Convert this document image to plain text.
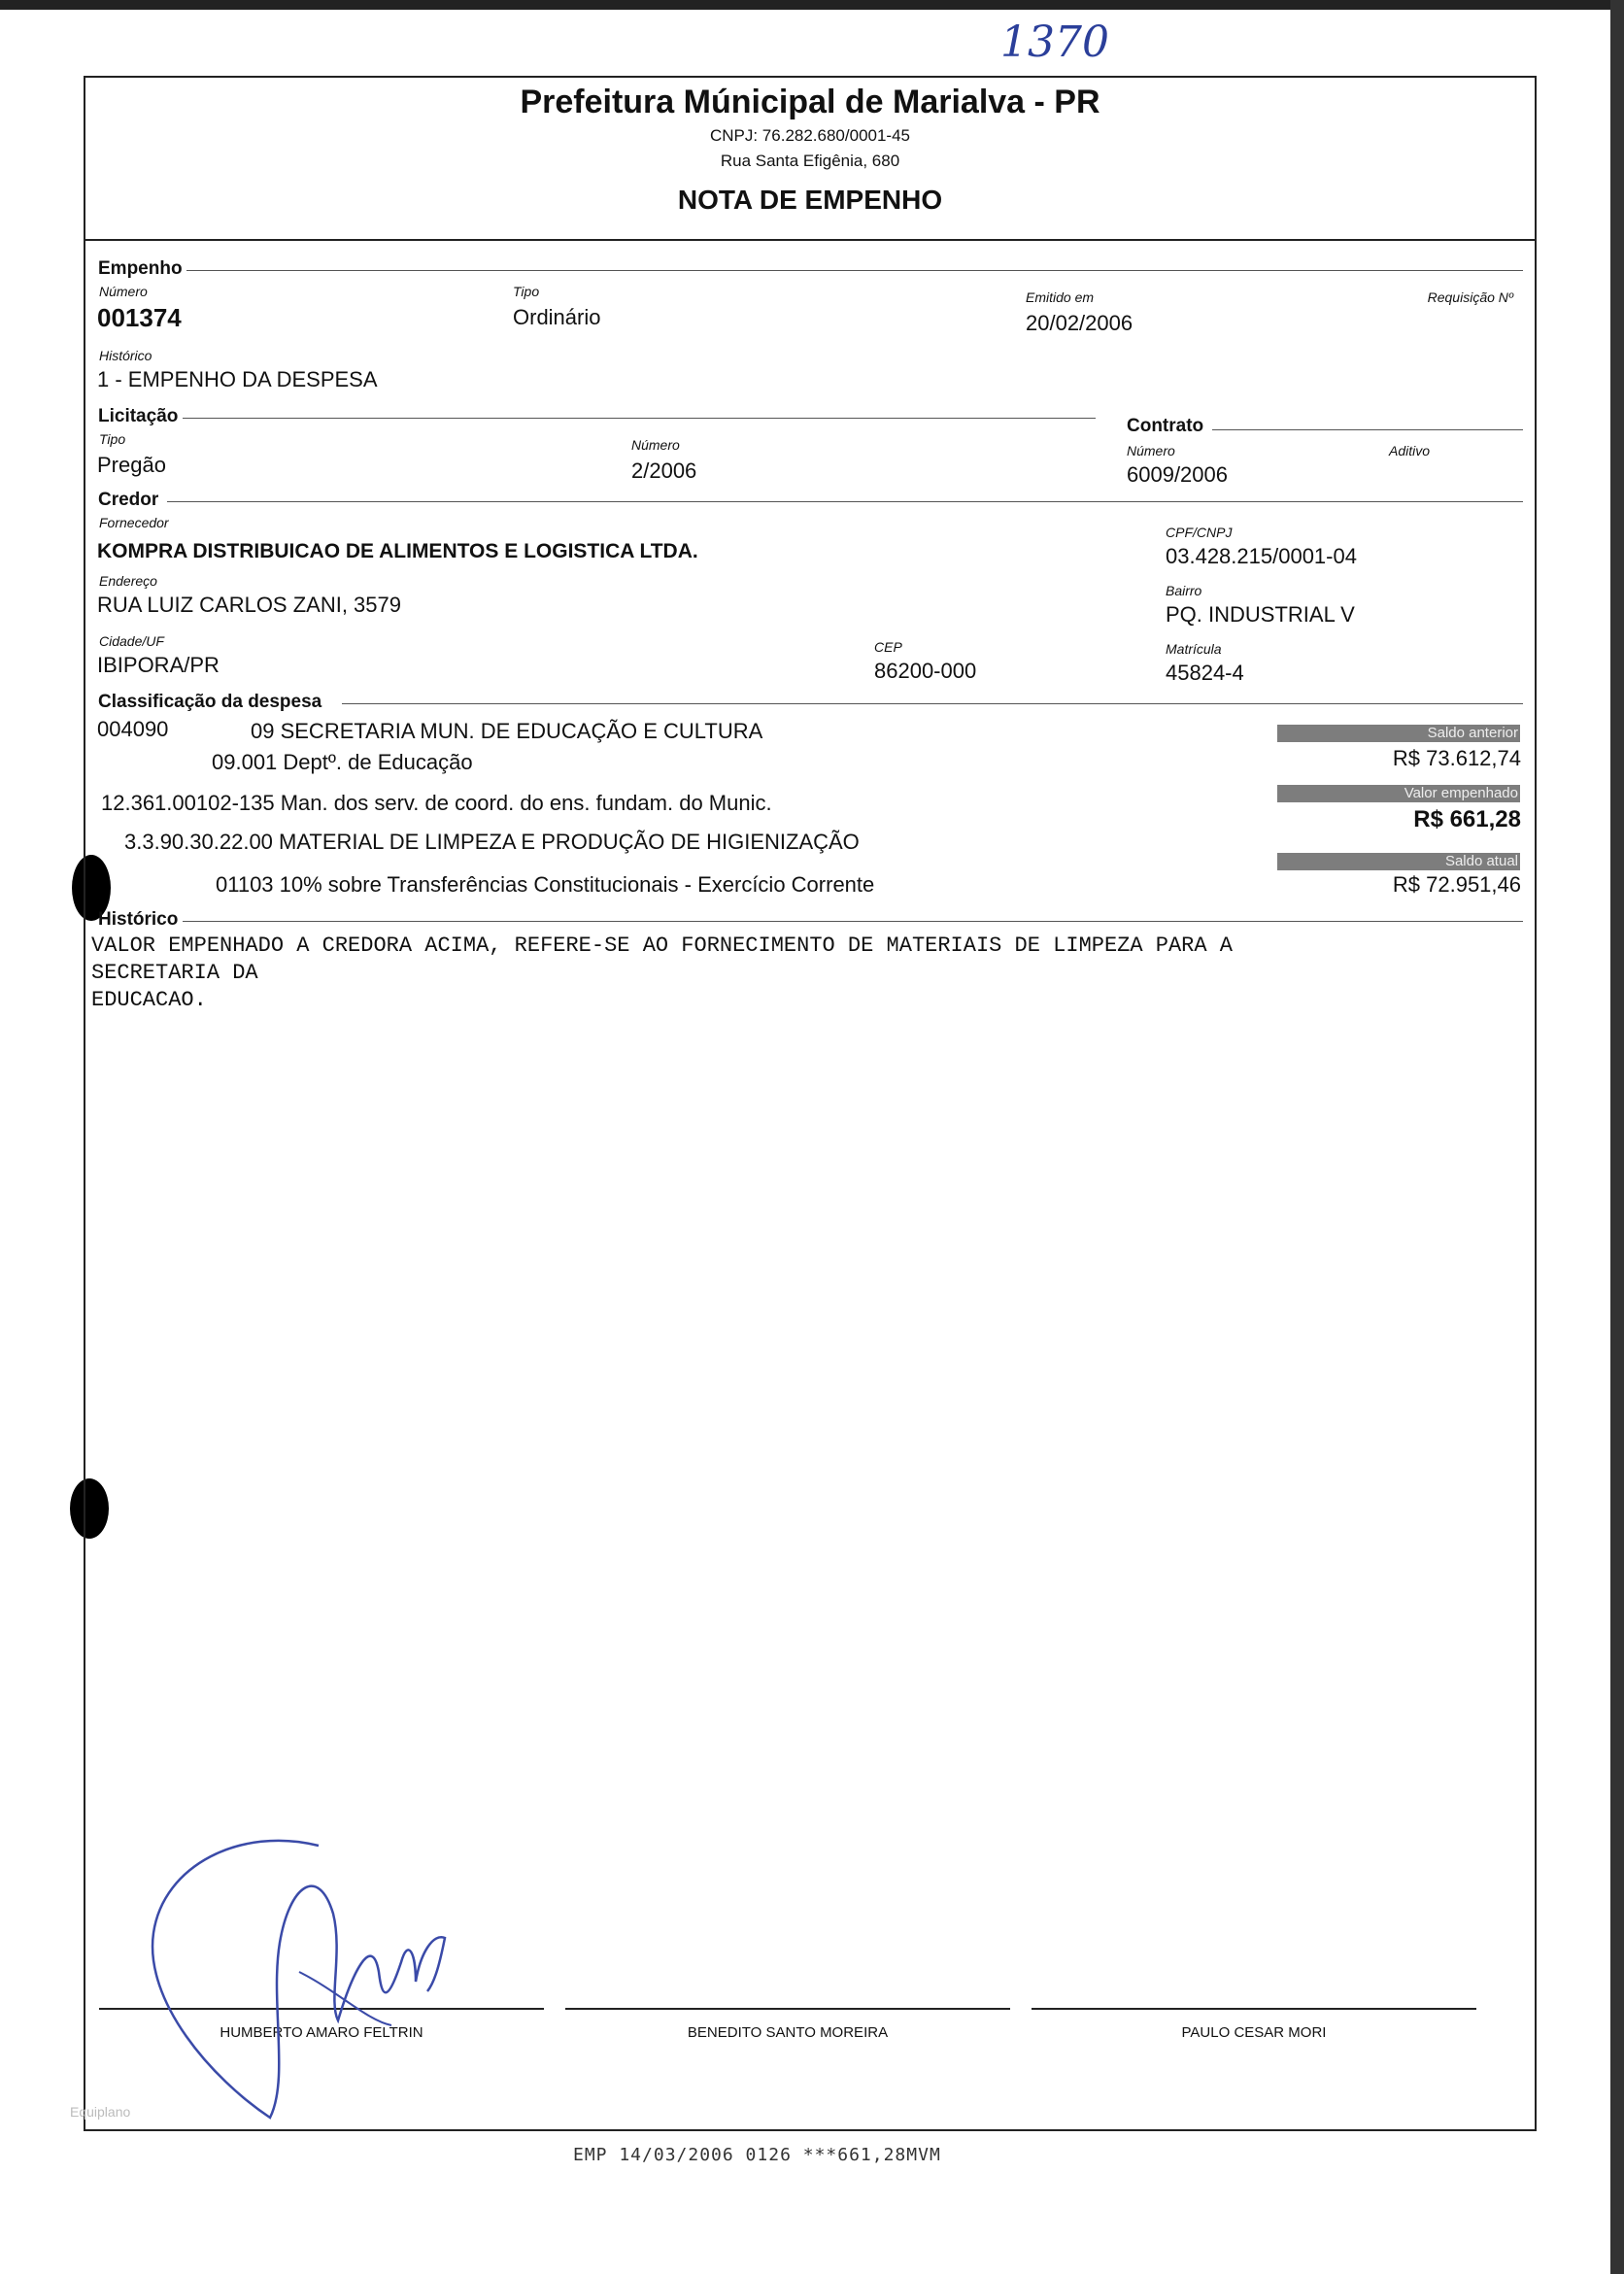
1370
Prefeitura Múnicipal de Marialva - PR
CNPJ: 76.282.680/0001-45
Rua Santa Efigênia, 680
NOTA DE EMPENHO
Empenho
Número
001374
Tipo
Ordinário
Emitido em
20/02/2006
Requisição Nº
Histórico
1 - EMPENHO DA DESPESA
Licitação
Tipo
Pregão
Número
2/2006
Contrato
Número
6009/2006
Aditivo
Credor
Fornecedor
KOMPRA DISTRIBUICAO DE ALIMENTOS E LOGISTICA LTDA.
CPF/CNPJ
03.428.215/0001-04
Endereço
RUA LUIZ CARLOS ZANI, 3579
Bairro
PQ. INDUSTRIAL V
Cidade/UF
IBIPORA/PR
CEP
86200-000
Matrícula
45824-4
Classificação da despesa
004090	09 SECRETARIA MUN. DE EDUCAÇÃO E CULTURA
09.001 Deptº. de Educação
12.361.00102-135 Man. dos serv. de coord. do ens. fundam. do Munic.
3.3.90.30.22.00 MATERIAL DE LIMPEZA E PRODUÇÃO DE HIGIENIZAÇÃO
01103 10% sobre Transferências Constitucionais - Exercício Corrente
Saldo anterior
R$ 73.612,74
Valor empenhado
R$ 661,28
Saldo atual
R$ 72.951,46
Histórico
VALOR EMPENHADO A CREDORA ACIMA, REFERE-SE AO FORNECIMENTO DE MATERIAIS DE LIMPEZA PARA A
SECRETARIA DA
EDUCACAO.
HUMBERTO AMARO FELTRIN	BENEDITO SANTO MOREIRA	PAULO CESAR MORI
Equiplano
EMP 14/03/2006 0126 ***661,28MVM
